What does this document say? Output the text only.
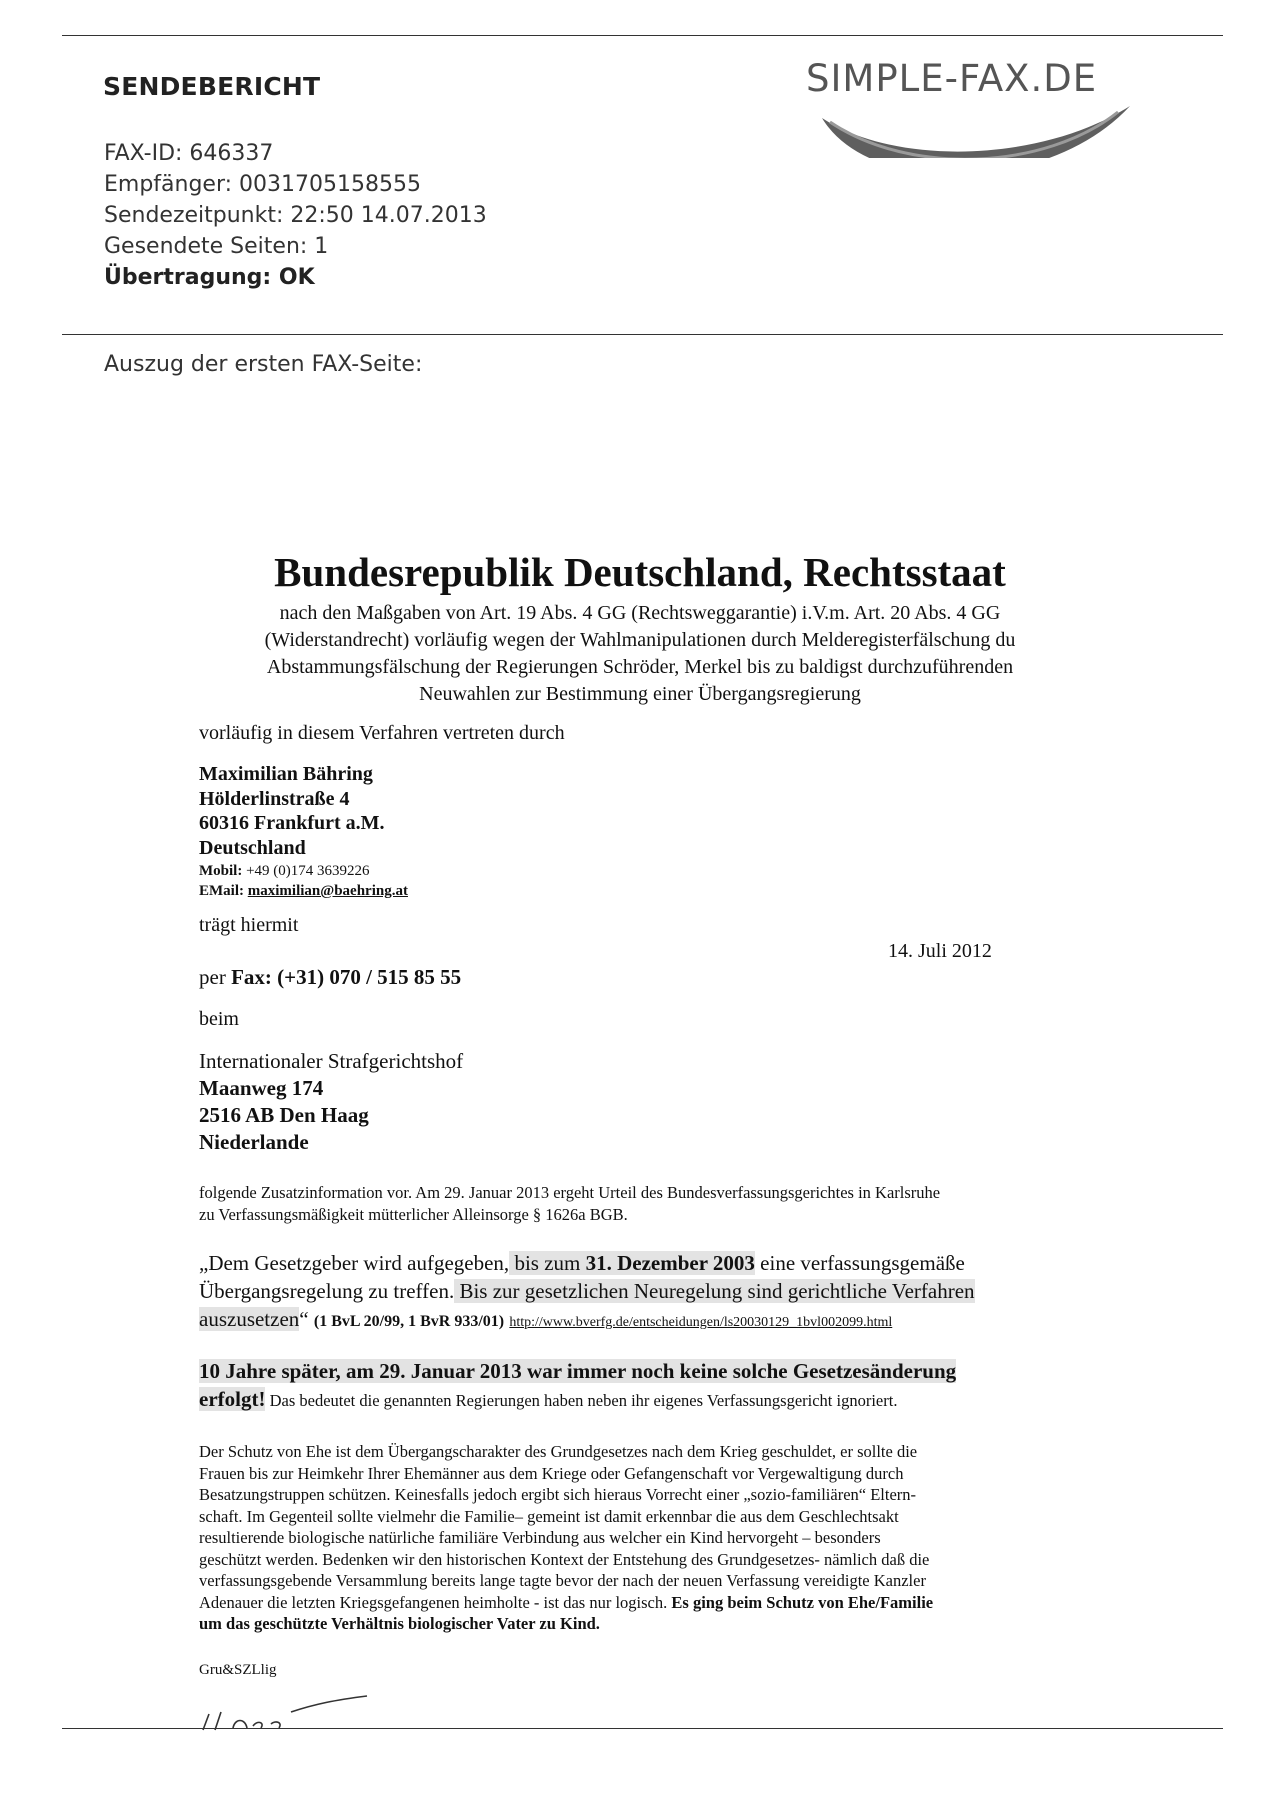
SENDEBERICHT	SIMPLE-FAX.DE
FAX-ID: 646337
Empfänger: 0031705158555
Sendezeitpunkt: 22:50 14.07.2013
Gesendete Seiten: 1
Übertragung: OK
Auszug der ersten FAX-Seite:
Bundesrepublik Deutschland, Rechtsstaat
nach den Maßgaben von Art. 19 Abs. 4 GG (Rechtsweggarantie) i.V.m. Art. 20 Abs. 4 GG
(Widerstandrecht) vorläufig wegen der Wahlmanipulationen durch Melderegisterfälschung du
Abstammungsfälschung der Regierungen Schröder, Merkel bis zu baldigst durchzuführenden
Neuwahlen zur Bestimmung einer Übergangsregierung
vorläufig in diesem Verfahren vertreten durch
Maximilian Bähring
Hölderlinstraße 4
60316 Frankfurt a.M.
Deutschland
Mobil: +49 (0)174 3639226
EMail: maximilian@baehring.at
trägt hiermit
14. Juli 2012
per Fax: (+31) 070 / 515 85 55
beim
Internationaler Strafgerichtshof
Maanweg 174
2516 AB Den Haag
Niederlande
folgende Zusatzinformation vor. Am 29. Januar 2013 ergeht Urteil des Bundesverfassungsgerichtes in Karlsruhe
zu Verfassungsmäßigkeit mütterlicher Alleinsorge § 1626a BGB.
„Dem Gesetzgeber wird aufgegeben, bis zum 31. Dezember 2003 eine verfassungsgemäße
Übergangsregelung zu treffen. Bis zur gesetzlichen Neuregelung sind gerichtliche Verfahren
auszusetzen“ (1 BvL 20/99, 1 BvR 933/01) http://www.bverfg.de/entscheidungen/ls20030129_1bvl002099.html
10 Jahre später, am 29. Januar 2013 war immer noch keine solche Gesetzesänderung
erfolgt! Das bedeutet die genannten Regierungen haben neben ihr eigenes Verfassungsgericht ignoriert.
Der Schutz von Ehe ist dem Übergangscharakter des Grundgesetzes nach dem Krieg geschuldet, er sollte die
Frauen bis zur Heimkehr Ihrer Ehemänner aus dem Kriege oder Gefangenschaft vor Vergewaltigung durch
Besatzungstruppen schützen. Keinesfalls jedoch ergibt sich hieraus Vorrecht einer „sozio-familiären“ Eltern-
schaft. Im Gegenteil sollte vielmehr die Familie– gemeint ist damit erkennbar die aus dem Geschlechtsakt
resultierende biologische natürliche familiäre Verbindung aus welcher ein Kind hervorgeht – besonders
geschützt werden. Bedenken wir den historischen Kontext der Entstehung des Grundgesetzes- nämlich daß die
verfassungsgebende Versammlung bereits lange tagte bevor der nach der neuen Verfassung vereidigte Kanzler
Adenauer die letzten Kriegsgefangenen heimholte - ist das nur logisch. Es ging beim Schutz von Ehe/Familie
um das geschützte Verhältnis biologischer Vater zu Kind.
Gru&SZLlig
